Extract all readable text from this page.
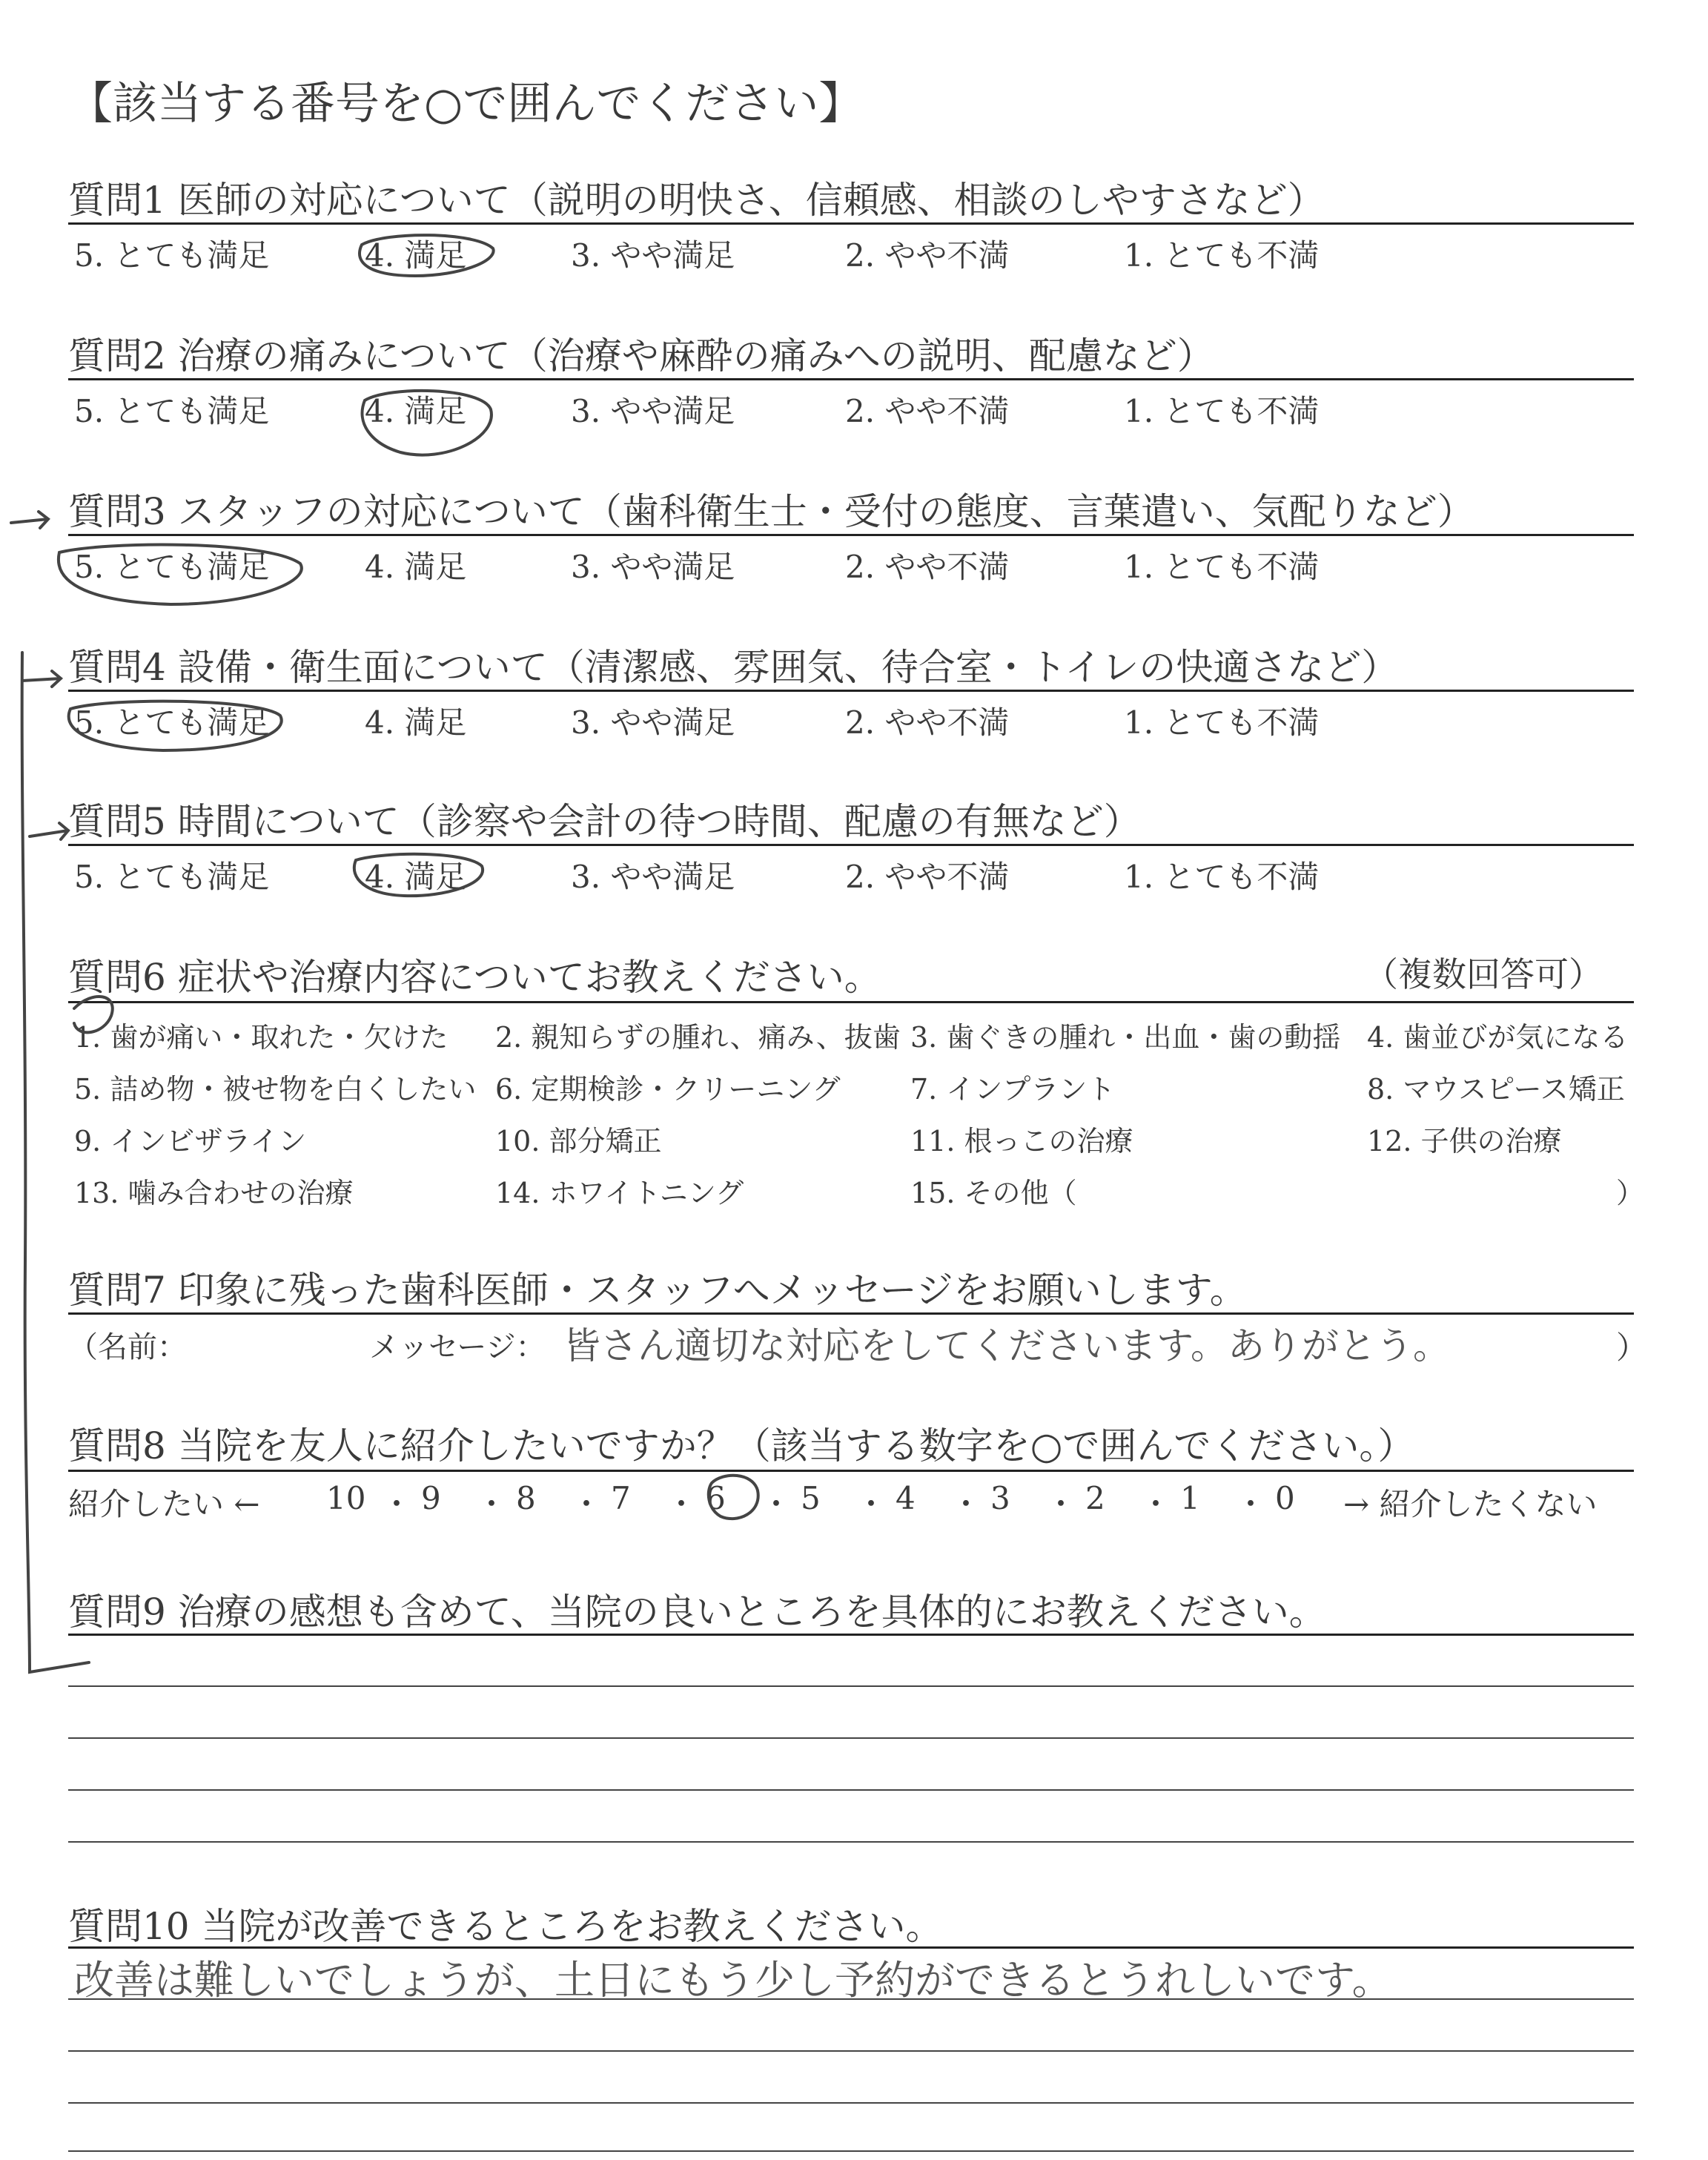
【該当する番号を○で囲んでください】
質問1 医師の対応について（説明の明快さ、信頼感、相談のしやすさなど）
5. とても満足	4. 満足	3. やや満足	2. やや不満	1. とても不満
質問2 治療の痛みについて（治療や麻酔の痛みへの説明、配慮など）
5. とても満足	4. 満足	3. やや満足	2. やや不満	1. とても不満
質問3 スタッフの対応について（歯科衛生士・受付の態度、言葉遣い、気配りなど）
5. とても満足	4. 満足	3. やや満足	2. やや不満	1. とても不満
質問4 設備・衛生面について（清潔感、雰囲気、待合室・トイレの快適さなど）
5. とても満足	4. 満足	3. やや満足	2. やや不満	1. とても不満
質問5 時間について（診察や会計の待つ時間、配慮の有無など）
5. とても満足	4. 満足	3. やや満足	2. やや不満	1. とても不満
質問6 症状や治療内容についてお教えください。	（複数回答可）
1. 歯が痛い・取れた・欠けた 2. 親知らずの腫れ、痛み、抜歯 3. 歯ぐきの腫れ・出血・歯の動揺 4. 歯並びが気になる
5. 詰め物・被せ物を白くしたい 6. 定期検診・クリーニング 7. インプラント	8. マウスピース矯正
9. インビザライン	10. 部分矯正	11. 根っこの治療	12. 子供の治療
13. 噛み合わせの治療	14. ホワイトニング	15. その他（	）
質問7 印象に残った歯科医師・スタッフへメッセージをお願いします。
（名前：	メッセージ： 皆さん適切な対応をしてくださいます。ありがとう。	）
質問8 当院を友人に紹介したいですか？（該当する数字を○で囲んでください。）
紹介したい ←	→ 紹介したくない
10 ・ 9 ・ 8 ・ 7 ・ 6 ・ 5 ・ 4 ・ 3 ・ 2 ・ 1 ・ 0
質問9 治療の感想も含めて、当院の良いところを具体的にお教えください。
質問10 当院が改善できるところをお教えください。
改善は難しいでしょうが、土日にもう少し予約ができるとうれしいです。
